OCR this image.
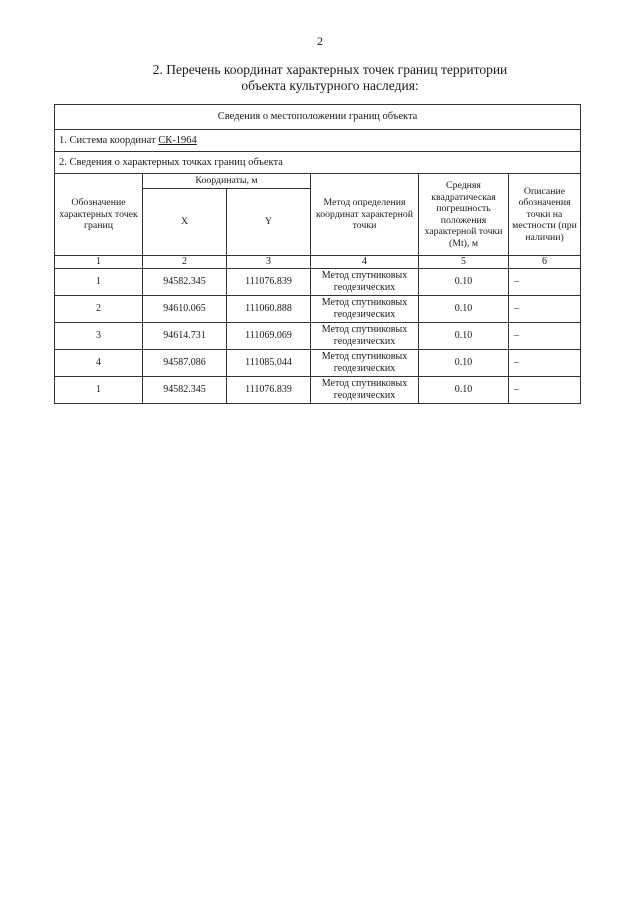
2
2. Перечень координат характерных точек границ территории
объекта культурного наследия:
Сведения о местоположении границ объекта					
1. Система координат СК-1964					
2. Сведения о характерных точках границ объекта					
Обозначение характерных точек границ	Координаты, м		Метод определения координат характерной точки	Средняя квадратическая погрешность положения характерной точки (Mt), м	Описание обозначения точки на местности (при наличии)
	X	Y			
1	2	3	4	5	6
1	94582.345	111076.839	Метод спутниковых геодезических	0.10	–
2	94610.065	111060.888	Метод спутниковых геодезических	0.10	–
3	94614.731	111069.069	Метод спутниковых геодезических	0.10	–
4	94587.086	111085.044	Метод спутниковых геодезических	0.10	–
1	94582.345	111076.839	Метод спутниковых геодезических	0.10	–
